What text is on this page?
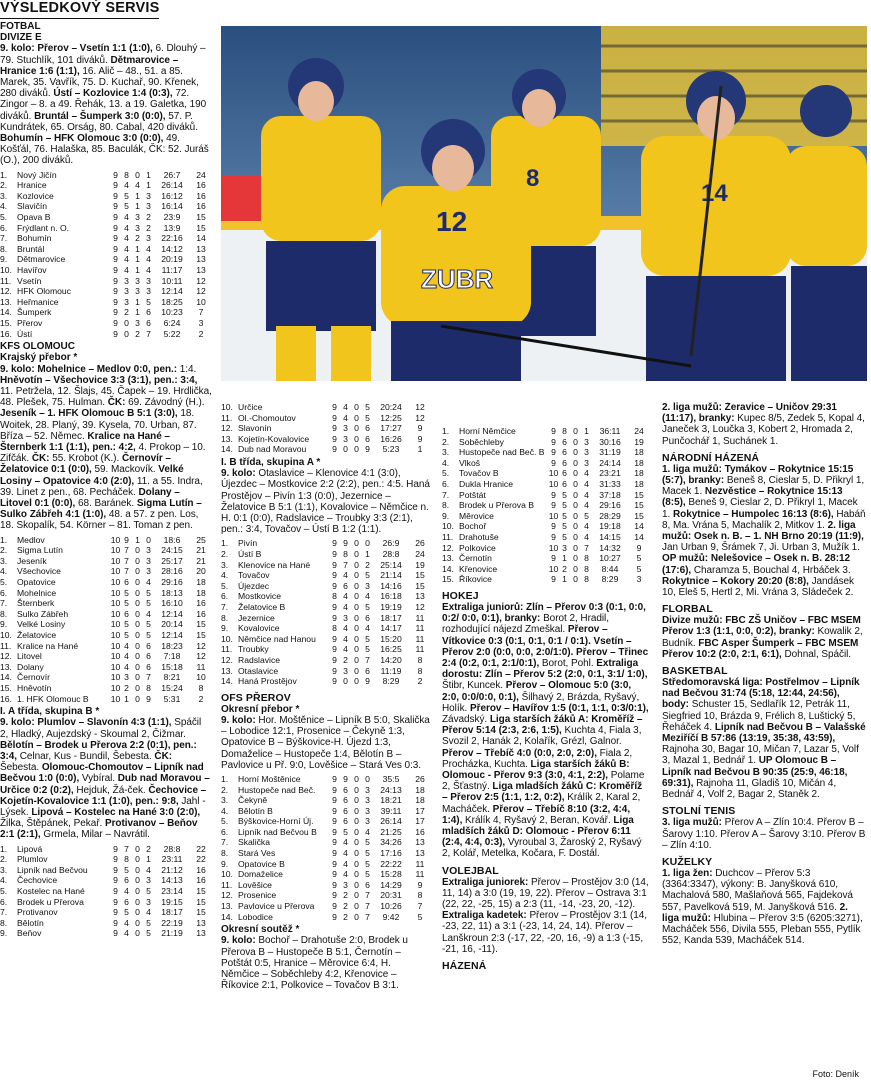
VÝSLEDKOVÝ SERVIS
FOTBAL
DIVIZE E

9. kolo: Přerov – Vsetín 1:1 (1:0), 6. Dlouhý – 79. Stuchlík, 101 diváků. Dětmarovice – Hranice 1:6 (1:1), 16. Alič – 48., 51. a 85. Marek, 35. Vavřík, 75. D. Kuchař, 90. Křenek, 280 diváků. Ústí – Kozlovice 1:4 (0:3), 72. Zingor – 8. a 49. Řehák, 13. a 19. Galetka, 190 diváků. Bruntál – Šumperk 3:0 (0:0), 57. P. Kundrátek, 65. Orság, 80. Cabal, 420 diváků. Bohumín – HFK Olomouc 3:0 (0:0), 49. Košťál, 76. Halaška, 85. Baculák, ČK: 52. Juráš (O.), 200 diváků.

1.	Nový Jičín	9	8	0	1	26:7	24
2.	Hranice	9	4	4	1	26:14	16
3.	Kozlovice	9	5	1	3	16:12	16
4.	Slavičín	9	5	1	3	16:14	16
5.	Opava B	9	4	3	2	23:9	15
6.	Frýdlant n. O.	9	4	3	2	13:9	15
7.	Bohumín	9	4	2	3	22:16	14
8.	Bruntál	9	4	1	4	14:12	13
9.	Dětmarovice	9	4	1	4	20:19	13
10.	Havířov	9	4	1	4	11:17	13
11.	Vsetín	9	3	3	3	10:11	12
12.	HFK Olomouc	9	3	3	3	12:14	12
13.	Heřmanice	9	3	1	5	18:25	10
14.	Šumperk	9	2	1	6	10:23	7
15.	Přerov	9	0	3	6	6:24	3
16.	Ústí	9	0	2	7	5:22	2
KFS OLOMOUC
Krajský přebor *

9. kolo: Mohelnice – Medlov 0:0, pen.: 1:4. Hněvotín – Všechovice 3:3 (3:1), pen.: 3:4, 11. Petržela, 12. Šlajs, 45. Čapek – 19. Hrdlička, 48. Plešek, 75. Hulman. ČK: 69. Závodný (H.). Jeseník – 1. HFK Olomouc B 5:1 (3:0), 18. Woitek, 28. Planý, 39. Kysela, 70. Urban, 87. Bříza – 52. Němec. Kralice na Hané – Šternberk 1:1 (1:1), pen.: 4:2, 4. Prokop – 10. Zifčák. ČK: 55. Krobot (K.). Černovír – Želatovice 0:1 (0:0), 59. Mackovík. Velké Losiny – Opatovice 4:0 (2:0), 11. a 55. Indra, 39. Linet z pen., 68. Pecháček. Dolany – Litovel 0:1 (0:0), 68. Baránek. Sigma Lutín – Sulko Zábřeh 4:1 (1:0), 48. a 57. z pen. Los, 18. Skopalík, 54. Körner – 81. Toman z pen.

1.	Medlov	10	9	1	0	18:6	25
2.	Sigma Lutín	10	7	0	3	24:15	21
3.	Jeseník	10	7	0	3	25:17	21
4.	Všechovice	10	7	0	3	28:16	20
5.	Opatovice	10	6	0	4	29:16	18
6.	Mohelnice	10	5	0	5	18:13	18
7.	Šternberk	10	5	0	5	16:10	16
8.	Sulko Zábřeh	10	6	0	4	12:14	16
9.	Velké Losiny	10	5	0	5	20:14	15
10.	Želatovice	10	5	0	5	12:14	15
11.	Kralice na Hané	10	4	0	6	18:23	12
12.	Litovel	10	4	0	6	7:18	12
13.	Dolany	10	4	0	6	15:18	11
14.	Černovír	10	3	0	7	8:21	10
15.	Hněvotín	10	2	0	8	15:24	8
16.	1. HFK Olomouc B	10	1	0	9	5:31	2
I. A třída, skupina B *

9. kolo: Plumlov – Slavonín 4:3 (1:1), Spáčil 2, Hladký, Aujezdský - Skoumal 2, Čižmar. Bělotín – Brodek u Přerova 2:2 (0:1), pen.: 3:4, Celnar, Kus - Bundil, Šebesta. ČK: Šebesta. Olomouc-Chomoutov – Lipník nad Bečvou 1:0 (0:0), Vybíral. Dub nad Moravou – Určice 0:2 (0:2), Hejduk, Žá-ček. Čechovice – Kojetín-Kovalovice 1:1 (1:0), pen.: 9:8, Jahl - Lýsek. Lipová – Kostelec na Hané 3:0 (2:0), Žilka, Štěpánek, Pekař. Protivanov – Beňov 2:1 (2:1), Grmela, Milar – Navrátil.

1.	Lipová	9	7	0	2	28:8	22
2.	Plumlov	9	8	0	1	23:11	22
3.	Lipník nad Bečvou	9	5	0	4	21:12	16
4.	Čechovice	9	6	0	3	14:13	16
5.	Kostelec na Hané	9	4	0	5	23:14	15
6.	Brodek u Přerova	9	6	0	3	19:15	15
7.	Protivanov	9	5	0	4	18:17	15
8.	Bělotín	9	4	0	5	22:19	13
9.	Beňov	9	4	0	5	21:19	13
8
12
ZUBR
14
10.	Určice	9	4	0	5	20:24	12
11.	Ol.-Chomoutov	9	4	0	5	12:25	12
12.	Slavonín	9	3	0	6	17:27	9
13.	Kojetín-Kovalovice	9	3	0	6	16:26	9
14.	Dub nad Moravou	9	0	0	9	5:23	1
I. B třída, skupina A *

9. kolo: Otaslavice – Klenovice 4:1 (3:0), Újezdec – Mostkovice 2:2 (2:2), pen.: 4:5. Haná Prostějov – Pivín 1:3 (0:0), Jezernice – Želatovice B 5:1 (1:1), Kovalovice – Němčice n. H. 0:1 (0:0), Radslavice – Troubky 3:3 (2:1), pen.: 3:4, Tovačov – Ústí B 1:2 (1:1).

1.	Pivín	9	9	0	0	26:9	26
2.	Ústí B	9	8	0	1	28:8	24
3.	Klenovice na Hané	9	7	0	2	25:14	19
4.	Tovačov	9	4	0	5	21:14	15
5.	Újezdec	9	6	0	3	14:16	15
6.	Mostkovice	8	4	0	4	16:18	13
7.	Želatovice B	9	4	0	5	19:19	12
8.	Jezernice	9	3	0	6	18:17	11
9.	Kovalovice	8	4	0	4	14:17	11
10.	Němčice nad Hanou	9	4	0	5	15:20	11
11.	Troubky	9	4	0	5	16:25	11
12.	Radslavice	9	2	0	7	14:20	8
13.	Otaslavice	9	3	0	6	11:19	8
14.	Haná Prostějov	9	0	0	9	8:29	2
OFS PŘEROV
Okresní přebor *

9. kolo: Hor. Moštěnice – Lipník B 5:0, Skalička – Lobodice 12:1, Prosenice – Čekyně 1:3, Opatovice B – Býškovice-H. Újezd 1:3, Domaželice – Hustopeče 1:4, Bělotín B – Pavlovice u Př. 9:0, Lověšice – Stará Ves 0:3.

1.	Horní Moštěnice	9	9	0	0	35:5	26
2.	Hustopeče nad Beč.	9	6	0	3	24:13	18
3.	Čekyně	9	6	0	3	18:21	18
4.	Bělotín B	9	6	0	3	39:11	17
5.	Býškovice-Horní Új.	9	6	0	3	26:14	17
6.	Lipník nad Bečvou B	9	5	0	4	21:25	16
7.	Skalička	9	4	0	5	34:26	13
8.	Stará Ves	9	4	0	5	17:16	13
9.	Opatovice B	9	4	0	5	22:22	11
10.	Domaželice	9	4	0	5	15:28	11
11.	Lověšice	9	3	0	6	14:29	9
12.	Prosenice	9	2	0	7	20:31	8
13.	Pavlovice u Přerova	9	2	0	7	10:26	7
14.	Lobodice	9	2	0	7	9:42	5
Okresní soutěž *

9. kolo: Bochoř – Drahotuše 2:0, Brodek u Přerova B – Hustopeče B 5:1, Černotín – Potštát 0:5, Hranice – Měrovice 6:4, H. Němčice – Soběchleby 4:2, Křenovice – Říkovice 2:1, Polkovice – Tovačov B 3:1.

1.	Horní Němčice	9	8	0	1	36:11	24
2.	Soběchleby	9	6	0	3	30:16	19
3.	Hustopeče nad Beč. B	9	6	0	3	31:19	18
4.	Vlkoš	9	6	0	3	24:14	18
5.	Tovačov B	10	6	0	4	23:21	18
6.	Dukla Hranice	10	6	0	4	31:33	18
7.	Potštát	9	5	0	4	37:18	15
8.	Brodek u Přerova B	9	5	0	4	29:16	15
9.	Měrovice	10	5	0	5	28:29	15
10.	Bochoř	9	5	0	4	19:18	14
11.	Drahotuše	9	5	0	4	14:15	14
12.	Polkovice	10	3	0	7	14:32	9
13.	Černotín	9	1	0	8	10:27	5
14.	Křenovice	10	2	0	8	8:44	5
15.	Říkovice	9	1	0	8	8:29	3
HOKEJ

Extraliga juniorů: Zlín – Přerov 0:3 (0:1, 0:0, 0:2/ 0:0, 0:1), branky: Borot 2, Hradil, rozhodující nájezd Zmeškal. Přerov – Vítkovice 0:3 (0:1, 0:1, 0:1 / 0:1). Vsetín – Přerov 2:0 (0:0, 0:0, 2:0/1:0). Přerov – Třinec 2:4 (0:2, 0:1, 2:1/0:1), Borot, Pohl. Extraliga dorostu: Zlín – Přerov 5:2 (2:0, 0:1, 3:1/ 1:0), Štibr, Kuncek. Přerov – Olomouc 5:0 (3:0, 2:0, 0:0/0:0, 0:1), Šilhavý 2, Brázda, Ryšavý, Holík. Přerov – Havířov 1:5 (0:1, 1:1, 0:3/0:1), Závadský. Liga starších žáků A: Kroměříž – Přerov 5:14 (2:3, 2:6, 1:5), Kuchta 4, Fiala 3, Svozil 2, Hanák 2, Kolařík, Grézl, Galnor. Přerov – Třebíč 4:0 (0:0, 2:0, 2:0), Fiala 2, Procházka, Kuchta. Liga starších žáků B: Olomouc - Přerov 9:3 (3:0, 4:1, 2:2), Polame 2, Šťastný. Liga mladších žáků C: Kroměříž – Přerov 2:5 (1:1, 1:2, 0:2), Králík 2, Karal 2, Macháček. Přerov – Třebíč 8:10 (3:2, 4:4, 1:4), Králík 4, Ryšavý 2, Beran, Kovář. Liga mladších žáků D: Olomouc - Přerov 6:11 (2:4, 4:4, 0:3), Vyroubal 3, Žaroský 2, Ryšavý 2, Kolář, Metelka, Kočara, F. Dostál.

VOLEJBAL

Extraliga juniorek: Přerov – Prostějov 3:0 (14, 11, 14) a 3:0 (19, 19, 22). Přerov – Ostrava 3:1 (22, 22, -25, 15) a 2:3 (11, -14, -23, 20, -12). Extraliga kadetek: Přerov – Prostějov 3:1 (14, -23, 22, 11) a 3:1 (-23, 14, 24, 14). Přerov – Lanškroun 2:3 (-17, 22, -20, 16, -9) a 1:3 (-15, -21, 16, -11).

HÁZENÁ

2. liga mužů: Žeravice – Uničov 29:31 (11:17), branky: Kupec 8/5, Zedek 5, Kopal 4, Janeček 3, Loučka 3, Kobert 2, Hromada 2, Punčochář 1, Suchánek 1.

NÁRODNÍ HÁZENÁ

1. liga mužů: Tymákov – Rokytnice 15:15 (5:7), branky: Beneš 8, Cieslar 5, D. Přikryl 1, Macek 1. Nezvěstice – Rokytnice 15:13 (8:5), Beneš 9, Cieslar 2, D. Přikryl 1, Macek 1. Rokytnice – Humpolec 16:13 (8:6), Habáň 8, Ma. Vrána 5, Machalík 2, Mitkov 1. 2. liga mužů: Osek n. B. – 1. NH Brno 20:19 (11:9), Jan Urban 9, Šrámek 7, Ji. Urban 3, Mužík 1. OP mužů: Nelešovice – Osek n. B. 28:12 (17:6), Charamza 5, Bouchal 4, Hrbáček 3. Rokytnice – Kokory 20:20 (8:8), Jandásek 10, Eleš 5, Hertl 2, Mi. Vrána 3, Sládeček 2.

FLORBAL

Divize mužů: FBC ZŠ Uničov – FBC MSEM Přerov 1:3 (1:1, 0:0, 0:2), branky: Kowalik 2, Budník. FBC Asper Šumperk – FBC MSEM Přerov 10:2 (2:0, 2:1, 6:1), Dohnal, Spáčil.

BASKETBAL

Středomoravská liga: Postřelmov – Lipník nad Bečvou 31:74 (5:18, 12:44, 24:56), body: Schuster 15, Sedlařík 12, Petrák 11, Siegfried 10, Brázda 9, Frélich 8, Luštický 5, Řeháček 4. Lipník nad Bečvou B – Valašské Meziříčí B 57:86 (13:19, 35:38, 43:59), Rajnoha 30, Bagar 10, Mičan 7, Lazar 5, Volf 3, Mazal 1, Bednář 1. UP Olomouc B – Lipník nad Bečvou B 90:35 (25:9, 46:18, 69:31), Rajnoha 11, Gladiš 10, Mičán 4, Bednář 4, Volf 2, Bagar 2, Staněk 2.

STOLNÍ TENIS

3. liga mužů: Přerov A – Zlín 10:4. Přerov B – Šarovy 1:10. Přerov A – Šarovy 3:10. Přerov B – Zlín 4:10.

KUŽELKY

1. liga žen: Duchcov – Přerov 5:3 (3364:3347), výkony: B. Janyšková 610, Machalová 580, Mašlaňová 565, Fajdeková 557, Pavelková 519, M. Janyšková 516. 2. liga mužů: Hlubina – Přerov 3:5 (6205:3271), Macháček 556, Divila 555, Pleban 555, Pytlík 552, Kanda 539, Macháček 514.

Foto: Deník
